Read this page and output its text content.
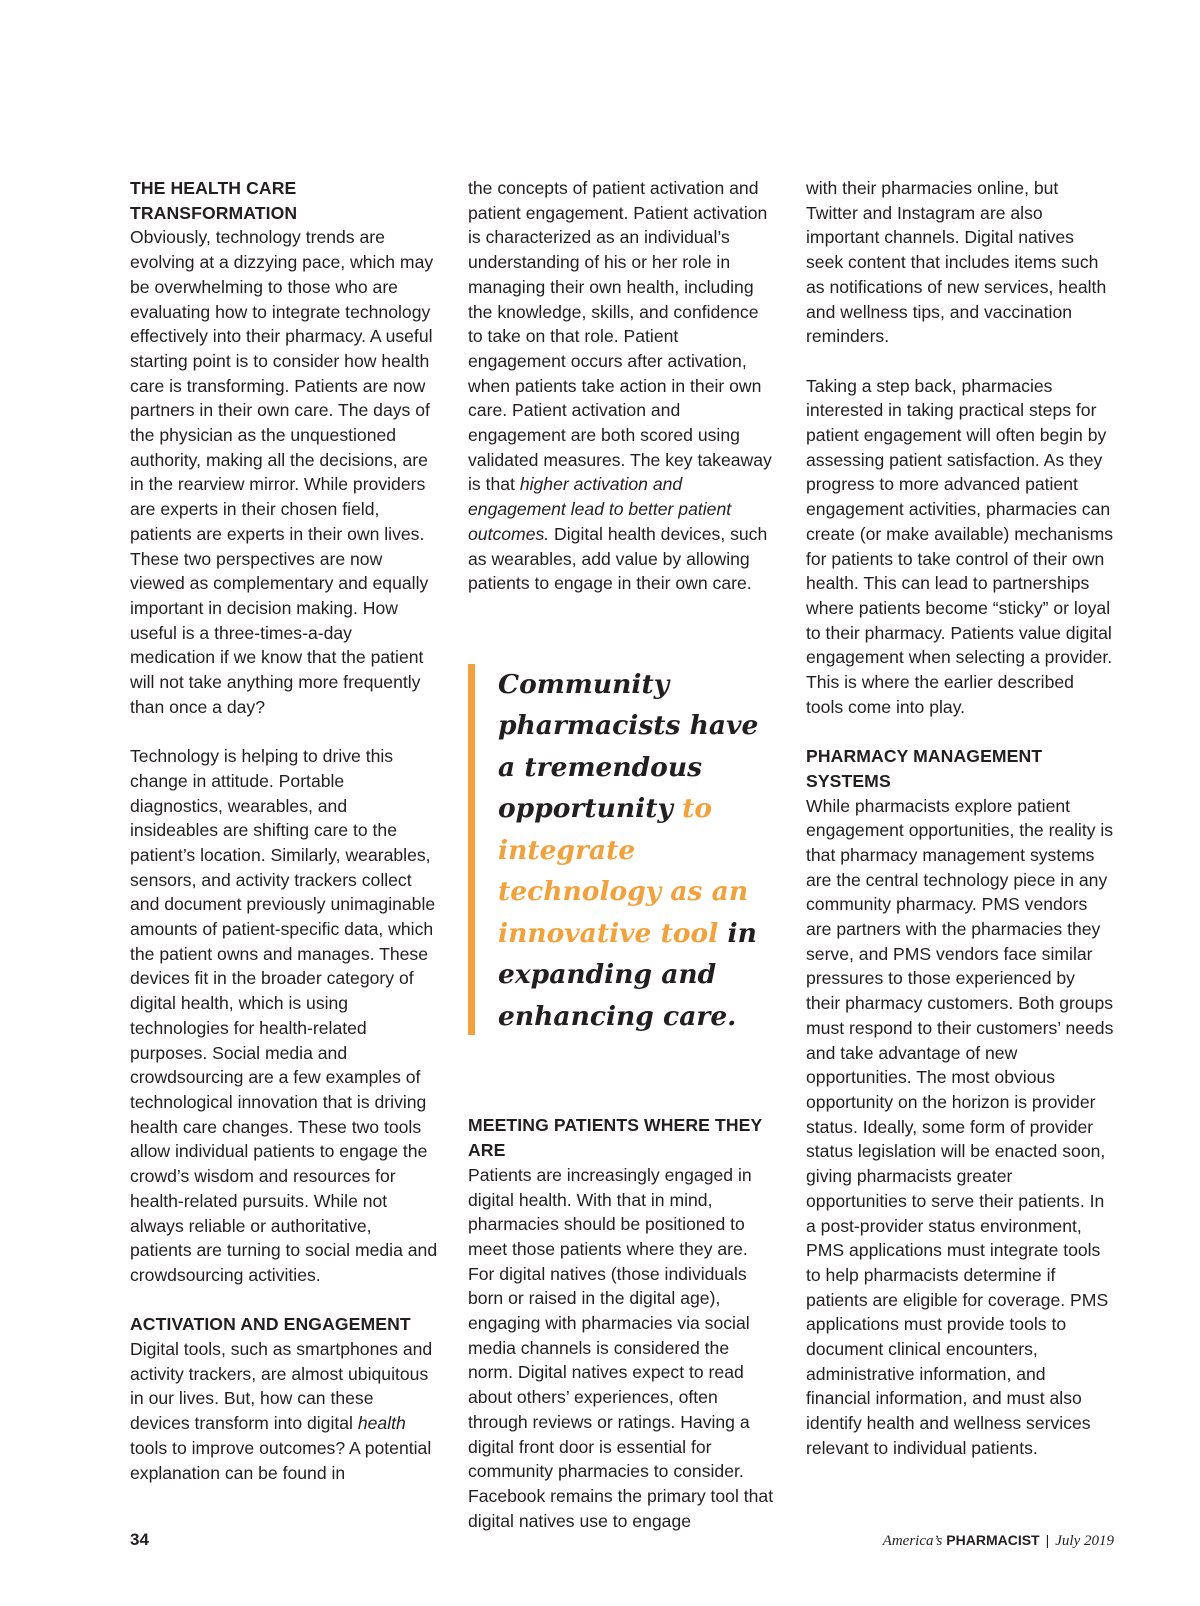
THE HEALTH CARE TRANSFORMATION

Obviously, technology trends are evolving at a dizzying pace, which may be overwhelming to those who are evaluating how to integrate technology effectively into their pharmacy. A useful starting point is to consider how health care is transforming. Patients are now partners in their own care. The days of the physician as the unquestioned authority, making all the decisions, are in the rearview mirror. While providers are experts in their chosen field, patients are experts in their own lives. These two perspectives are now viewed as complementary and equally important in decision making. How useful is a three-times-a-day medication if we know that the patient will not take anything more frequently than once a day?

Technology is helping to drive this change in attitude. Portable diagnostics, wearables, and insideables are shifting care to the patient’s location. Similarly, wearables, sensors, and activity trackers collect and document previously unimaginable amounts of patient-specific data, which the patient owns and manages. These devices fit in the broader category of digital health, which is using technologies for health-related purposes. Social media and crowdsourcing are a few examples of technological innovation that is driving health care changes. These two tools allow individual patients to engage the crowd’s wisdom and resources for health-related pursuits. While not always reliable or authoritative, patients are turning to social media and crowdsourcing activities.

ACTIVATION AND ENGAGEMENT

Digital tools, such as smartphones and activity trackers, are almost ubiquitous in our lives. But, how can these devices transform into digital health tools to improve outcomes? A potential explanation can be found in

the concepts of patient activation and patient engagement. Patient activation is characterized as an individual’s understanding of his or her role in managing their own health, including the knowledge, skills, and confidence to take on that role. Patient engagement occurs after activation, when patients take action in their own care. Patient activation and engagement are both scored using validated measures. The key takeaway is that higher activation and engagement lead to better patient outcomes. Digital health devices, such as wearables, add value by allowing patients to engage in their own care.

Community pharmacists have a tremendous opportunity to integrate technology as an innovative tool in expanding and enhancing care.
MEETING PATIENTS WHERE THEY ARE

Patients are increasingly engaged in digital health. With that in mind, pharmacies should be positioned to meet those patients where they are. For digital natives (those individuals born or raised in the digital age), engaging with pharmacies via social media channels is considered the norm. Digital natives expect to read about others’ experiences, often through reviews or ratings. Having a digital front door is essential for community pharmacies to consider. Facebook remains the primary tool that digital natives use to engage

with their pharmacies online, but Twitter and Instagram are also important channels. Digital natives seek content that includes items such as notifications of new services, health and wellness tips, and vaccination reminders.

Taking a step back, pharmacies interested in taking practical steps for patient engagement will often begin by assessing patient satisfaction. As they progress to more advanced patient engagement activities, pharmacies can create (or make available) mechanisms for patients to take control of their own health. This can lead to partnerships where patients become “sticky” or loyal to their pharmacy. Patients value digital engagement when selecting a provider. This is where the earlier described tools come into play.

PHARMACY MANAGEMENT SYSTEMS

While pharmacists explore patient engagement opportunities, the reality is that pharmacy management systems are the central technology piece in any community pharmacy. PMS vendors are partners with the pharmacies they serve, and PMS vendors face similar pressures to those experienced by their pharmacy customers. Both groups must respond to their customers’ needs and take advantage of new opportunities. The most obvious opportunity on the horizon is provider status. Ideally, some form of provider status legislation will be enacted soon, giving pharmacists greater opportunities to serve their patients. In a post-provider status environment, PMS applications must integrate tools to help pharmacists determine if patients are eligible for coverage. PMS applications must provide tools to document clinical encounters, administrative information, and financial information, and must also identify health and wellness services relevant to individual patients.

34	America’s PHARMACIST | July 2019
